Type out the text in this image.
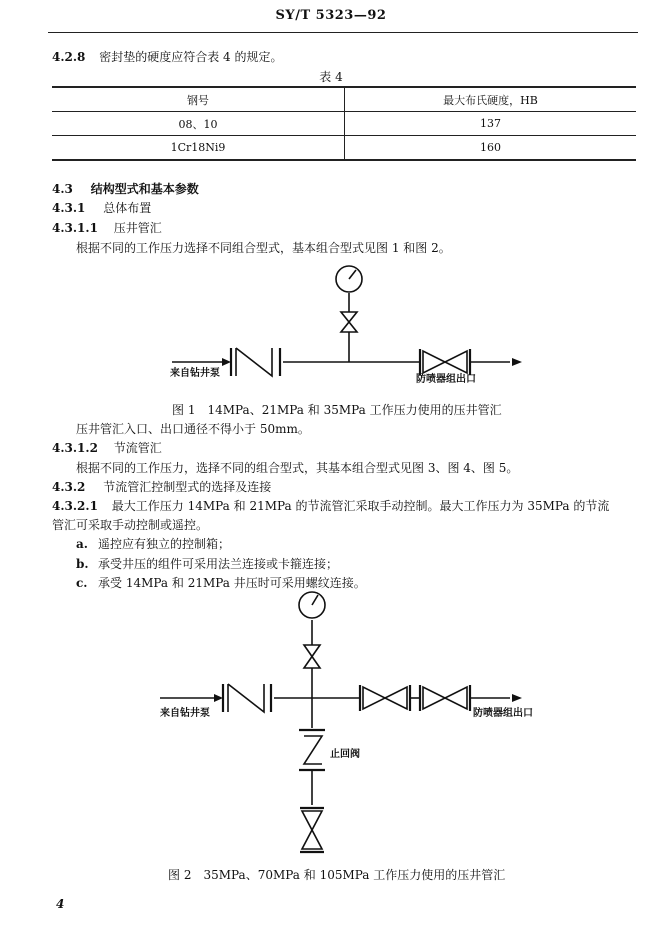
SY/T 5323—92
4.2.8 密封垫的硬度应符合表 4 的规定。
表 4
钢号	最大布氏硬度，HB
08、10	137
1Cr18Ni9	160
4.3 结构型式和基本参数
4.3.1 总体布置
4.3.1.1 压井管汇
根据不同的工作压力选择不同组合型式，基本组合型式见图 1 和图 2。
来自钻井泵
防喷器组出口
图 1　14MPa、21MPa 和 35MPa 工作压力使用的压井管汇
压井管汇入口、出口通径不得小于 50mm。
4.3.1.2 节流管汇
根据不同的工作压力，选择不同的组合型式，其基本组合型式见图 3、图 4、图 5。
4.3.2 节流管汇控制型式的选择及连接
4.3.2.1 最大工作压力 14MPa 和 21MPa 的节流管汇采取手动控制。最大工作压力为 35MPa 的节流
管汇可采取手动控制或遥控。
a. 遥控应有独立的控制箱；
b. 承受井压的组件可采用法兰连接或卡箍连接；
c. 承受 14MPa 和 21MPa 井压时可采用螺纹连接。
来自钻井泵	防喷器组出口
止回阀
图 2　35MPa、70MPa 和 105MPa 工作压力使用的压井管汇
4
